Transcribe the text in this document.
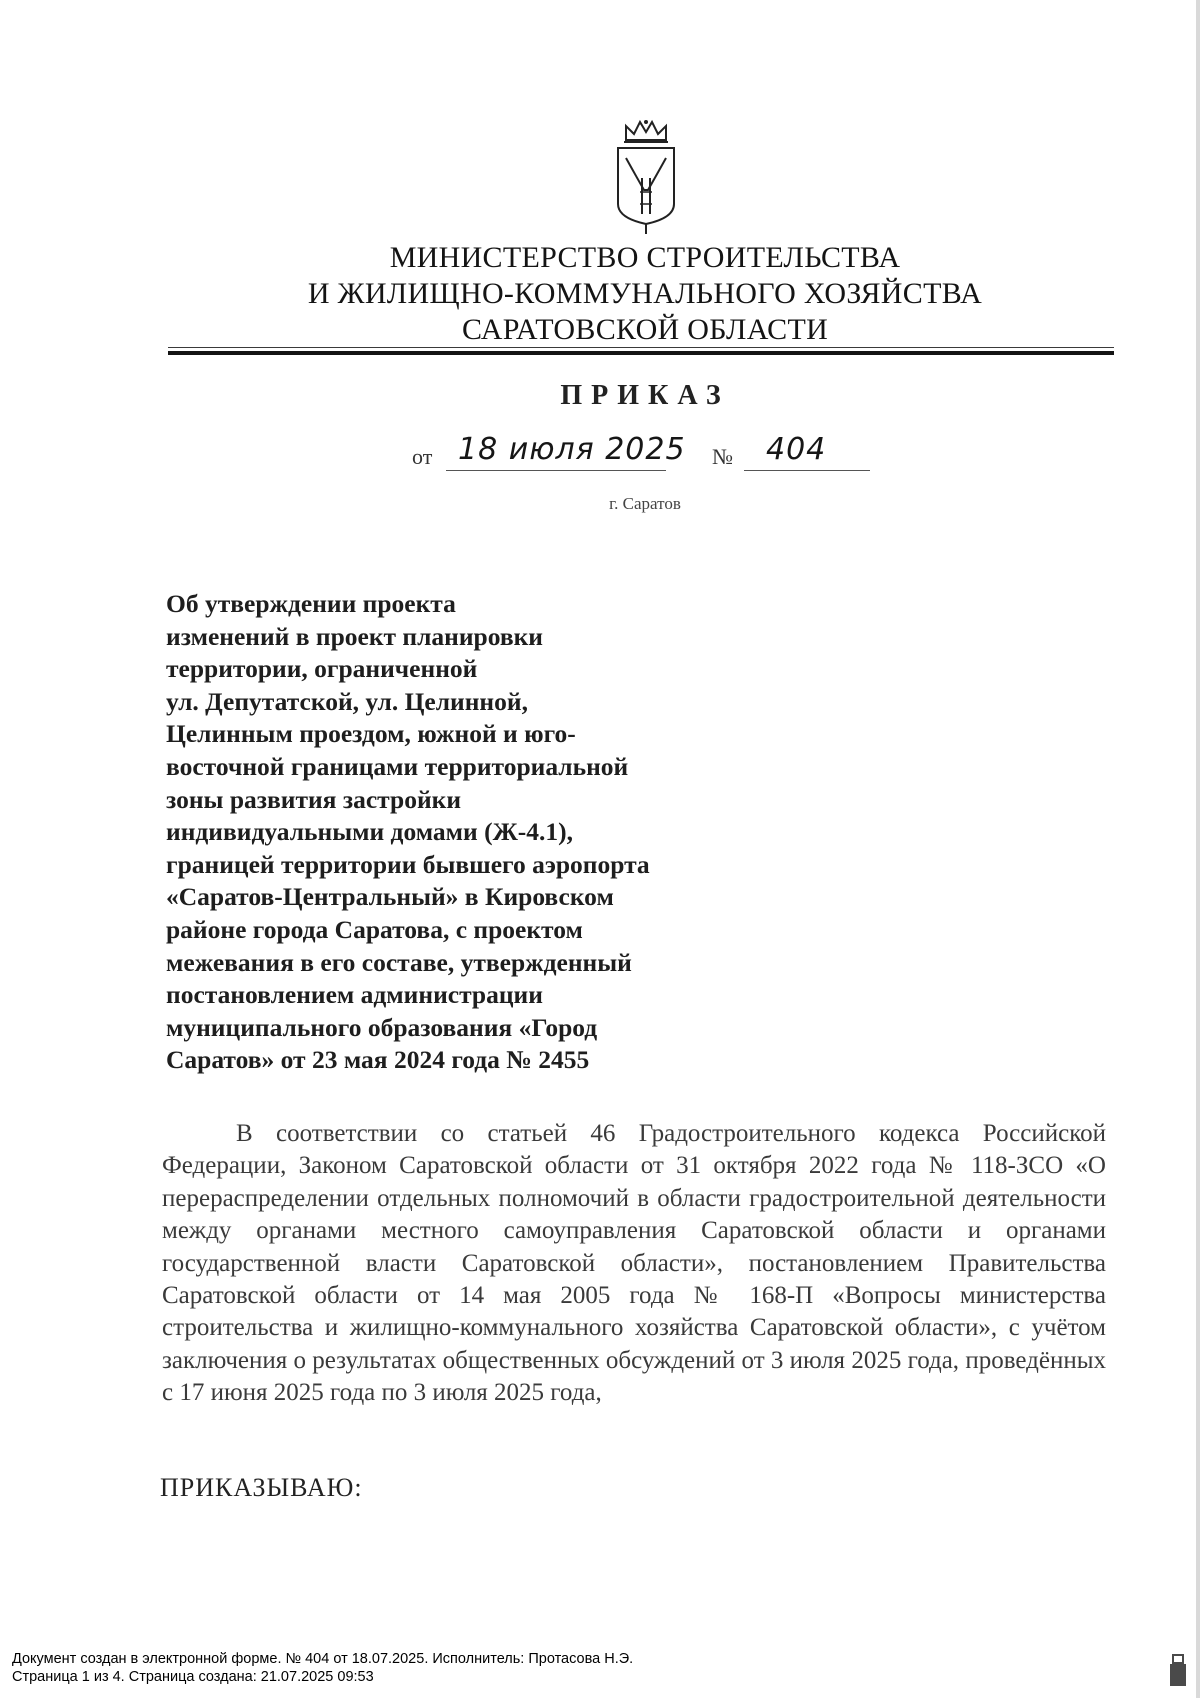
МИНИСТЕРСТВО СТРОИТЕЛЬСТВА
И ЖИЛИЩНО-КОММУНАЛЬНОГО ХОЗЯЙСТВА
САРАТОВСКОЙ ОБЛАСТИ
ПРИКАЗ
от 18 июля 2025 № 404
г. Саратов
Об утверждении проекта
изменений в проект планировки
территории, ограниченной
ул. Депутатской, ул. Целинной,
Целинным проездом, южной и юго-
восточной границами территориальной
зоны развития застройки
индивидуальными домами (Ж-4.1),
границей территории бывшего аэропорта
«Саратов-Центральный» в Кировском
районе города Саратова, с проектом
межевания в его составе, утвержденный
постановлением администрации
муниципального образования «Город
Саратов» от 23 мая 2024 года № 2455
В соответствии со статьей 46 Градостроительного кодекса Российской Федерации, Законом Саратовской области от 31 октября 2022 года № 118-ЗСО «О перераспределении отдельных полномочий в области градостроительной деятельности между органами местного самоуправления Саратовской области и органами государственной власти Саратовской области», постановлением Правительства Саратовской области от 14 мая 2005 года № 168-П «Вопросы министерства строительства и жилищно-коммунального хозяйства Саратовской области», с учётом заключения о результатах общественных обсуждений от 3 июля 2025 года, проведённых с 17 июня 2025 года по 3 июля 2025 года,
ПРИКАЗЫВАЮ:
Документ создан в электронной форме. № 404 от 18.07.2025. Исполнитель: Протасова Н.Э.
Страница 1 из 4. Страница создана: 21.07.2025 09:53
